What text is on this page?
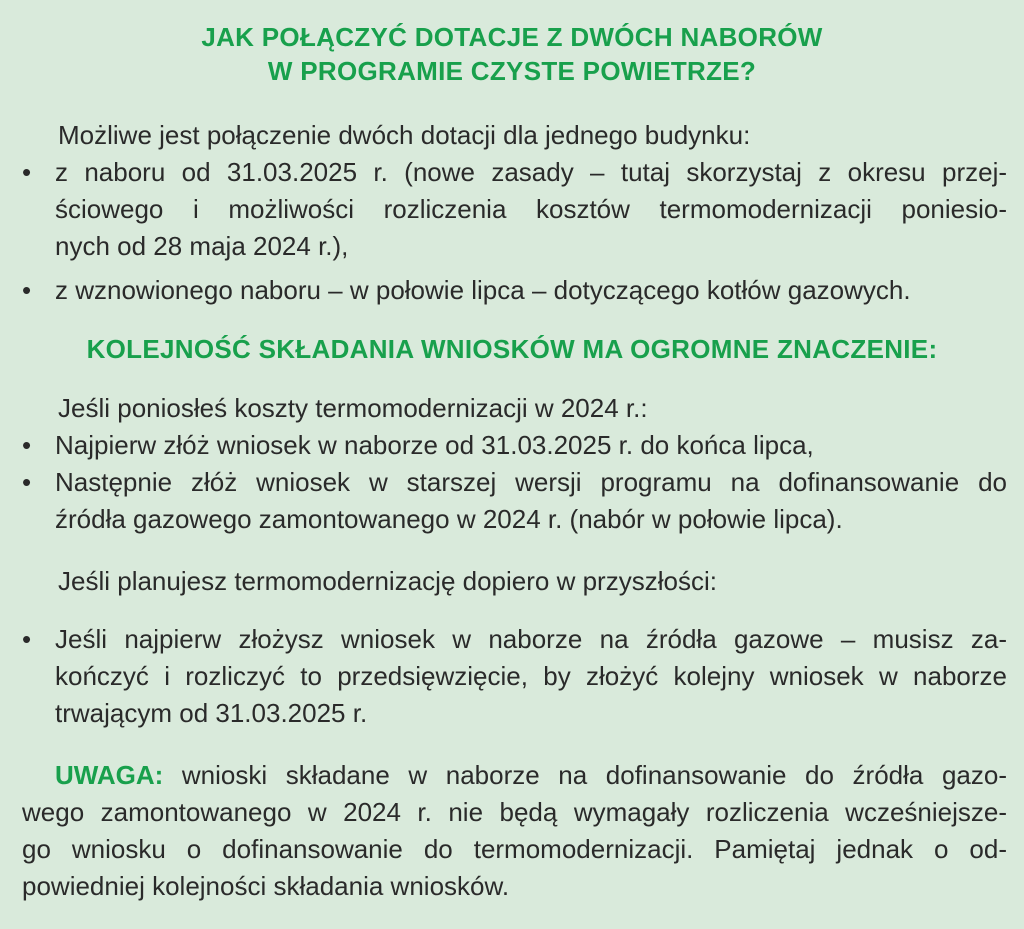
JAK POŁĄCZYĆ DOTACJE Z DWÓCH NABORÓW
W PROGRAMIE CZYSTE POWIETRZE?
Możliwe jest połączenie dwóch dotacji dla jednego budynku:
• z naboru od 31.03.2025 r. (nowe zasady – tutaj skorzystaj z okresu przej-
ściowego i możliwości rozliczenia kosztów termomodernizacji poniesio-
nych od 28 maja 2024 r.),
• z wznowionego naboru – w połowie lipca – dotyczącego kotłów gazowych.
KOLEJNOŚĆ SKŁADANIA WNIOSKÓW MA OGROMNE ZNACZENIE:
Jeśli poniosłeś koszty termomodernizacji w 2024 r.:
• Najpierw złóż wniosek w naborze od 31.03.2025 r. do końca lipca,
• Następnie złóż wniosek w starszej wersji programu na dofinansowanie do
źródła gazowego zamontowanego w 2024 r. (nabór w połowie lipca).
Jeśli planujesz termomodernizację dopiero w przyszłości:
• Jeśli najpierw złożysz wniosek w naborze na źródła gazowe – musisz za-
kończyć i rozliczyć to przedsięwzięcie, by złożyć kolejny wniosek w naborze
trwającym od 31.03.2025 r.
UWAGA: wnioski składane w naborze na dofinansowanie do źródła gazo-
wego zamontowanego w 2024 r. nie będą wymagały rozliczenia wcześniejsze-
go wniosku o dofinansowanie do termomodernizacji. Pamiętaj jednak o od-
powiedniej kolejności składania wniosków.
